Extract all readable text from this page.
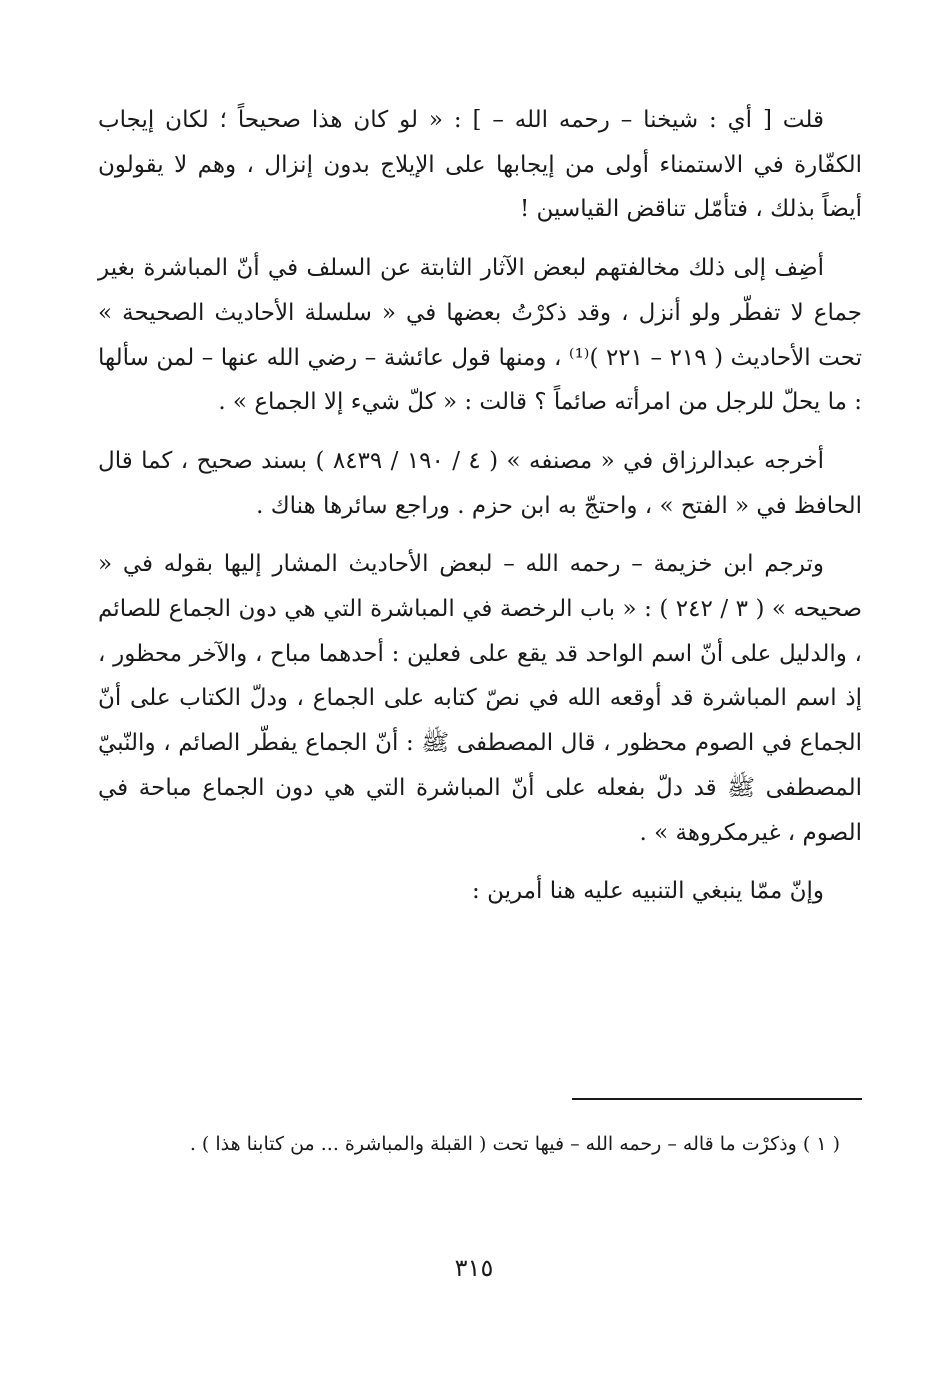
قلت [ أي : شيخنا – رحمه الله – ] : « لو كان هذا صحيحاً ؛ لكان إيجاب الكفّارة في الاستمناء أولى من إيجابها على الإيلاج بدون إنزال ، وهم لا يقولون أيضاً بذلك ، فتأمّل تناقض القياسين !

أضِف إلى ذلك مخالفتهم لبعض الآثار الثابتة عن السلف في أنّ المباشرة بغير جماع لا تفطّر ولو أنزل ، وقد ذكرْتُ بعضها في « سلسلة الأحاديث الصحيحة » تحت الأحاديث ( ٢١٩ – ٢٢١ )⁽¹⁾ ، ومنها قول عائشة – رضي الله عنها – لمن سألها : ما يحلّ للرجل من امرأته صائماً ؟ قالت : « كلّ شيء إلا الجماع » .

أخرجه عبدالرزاق في « مصنفه » ( ٤ / ١٩٠ / ٨٤٣٩ ) بسند صحيح ، كما قال الحافظ في « الفتح » ، واحتجّ به ابن حزم . وراجع سائرها هناك .

وترجم ابن خزيمة – رحمه الله – لبعض الأحاديث المشار إليها بقوله في « صحيحه » ( ٣ / ٢٤٢ ) : « باب الرخصة في المباشرة التي هي دون الجماع للصائم ، والدليل على أنّ اسم الواحد قد يقع على فعلين : أحدهما مباح ، والآخر محظور ، إذ اسم المباشرة قد أوقعه الله في نصّ كتابه على الجماع ، ودلّ الكتاب على أنّ الجماع في الصوم محظور ، قال المصطفى ﷺ : أنّ الجماع يفطّر الصائم ، والنّبيّ المصطفى ﷺ قد دلّ بفعله على أنّ المباشرة التي هي دون الجماع مباحة في الصوم ، غيرمكروهة » .

وإنّ ممّا ينبغي التنبيه عليه هنا أمرين :

( ١ ) وذكرْت ما قاله – رحمه الله – فيها تحت ( القبلة والمباشرة ... من كتابنا هذا ) .
٣١٥
